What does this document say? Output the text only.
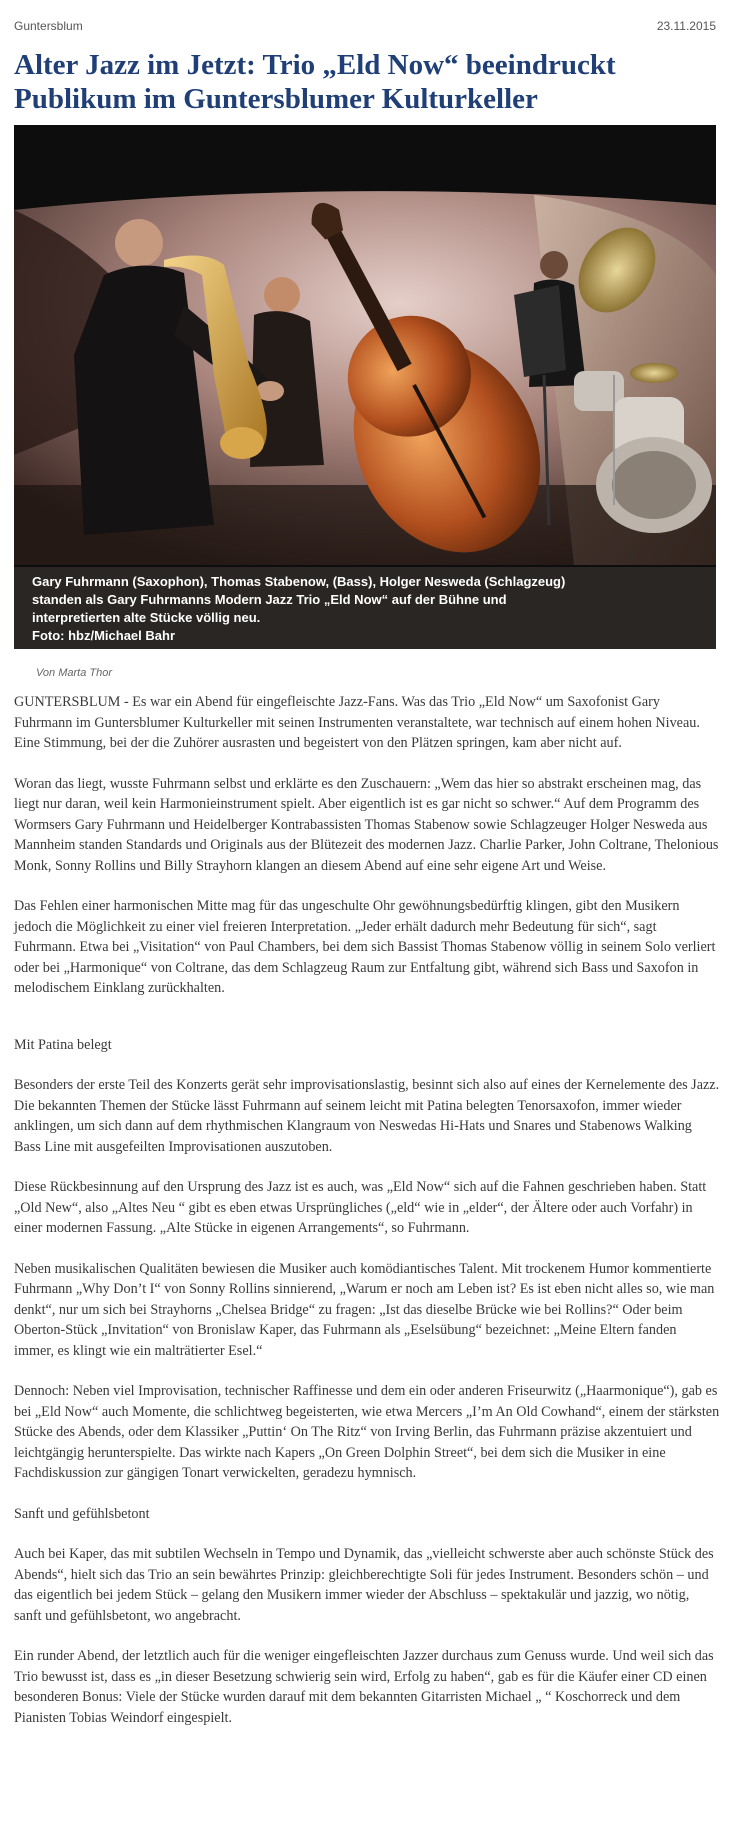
Guntersblum	23.11.2015
Alter Jazz im Jetzt: Trio „Eld Now“ beeindruckt Publikum im Guntersblumer Kulturkeller
Gary Fuhrmann (Saxophon), Thomas Stabenow, (Bass), Holger Nesweda (Schlagzeug)
standen als Gary Fuhrmanns Modern Jazz Trio „Eld Now“ auf der Bühne und
interpretierten alte Stücke völlig neu.
Foto: hbz/Michael Bahr
Von Marta Thor

GUNTERSBLUM - Es war ein Abend für eingefleischte Jazz-Fans. Was das Trio „Eld Now“ um Saxofonist Gary Fuhrmann im Guntersblumer Kulturkeller mit seinen Instrumenten veranstaltete, war technisch auf einem hohen Niveau. Eine Stimmung, bei der die Zuhörer ausrasten und begeistert von den Plätzen springen, kam aber nicht auf.

Woran das liegt, wusste Fuhrmann selbst und erklärte es den Zuschauern: „Wem das hier so abstrakt erscheinen mag, das liegt nur daran, weil kein Harmonieinstrument spielt. Aber eigentlich ist es gar nicht so schwer.“ Auf dem Programm des Wormsers Gary Fuhrmann und Heidelberger Kontrabassisten Thomas Stabenow sowie Schlagzeuger Holger Nesweda aus Mannheim standen Standards und Originals aus der Blütezeit des modernen Jazz. Charlie Parker, John Coltrane, Thelonious Monk, Sonny Rollins und Billy Strayhorn klangen an diesem Abend auf eine sehr eigene Art und Weise.

Das Fehlen einer harmonischen Mitte mag für das ungeschulte Ohr gewöhnungsbedürftig klingen, gibt den Musikern jedoch die Möglichkeit zu einer viel freieren Interpretation. „Jeder erhält dadurch mehr Bedeutung für sich“, sagt Fuhrmann. Etwa bei „Visitation“ von Paul Chambers, bei dem sich Bassist Thomas Stabenow völlig in seinem Solo verliert oder bei „Harmonique“ von Coltrane, das dem Schlagzeug Raum zur Entfaltung gibt, während sich Bass und Saxofon in melodischem Einklang zurückhalten.

Mit Patina belegt

Besonders der erste Teil des Konzerts gerät sehr improvisationslastig, besinnt sich also auf eines der Kernelemente des Jazz. Die bekannten Themen der Stücke lässt Fuhrmann auf seinem leicht mit Patina belegten Tenorsaxofon, immer wieder anklingen, um sich dann auf dem rhythmischen Klangraum von Neswedas Hi-Hats und Snares und Stabenows Walking Bass Line mit ausgefeilten Improvisationen auszutoben.

Diese Rückbesinnung auf den Ursprung des Jazz ist es auch, was „Eld Now“ sich auf die Fahnen geschrieben haben. Statt „Old New“, also „Altes Neu “ gibt es eben etwas Ursprüngliches („eld“ wie in „elder“, der Ältere oder auch Vorfahr) in einer modernen Fassung. „Alte Stücke in eigenen Arrangements“, so Fuhrmann.

Neben musikalischen Qualitäten bewiesen die Musiker auch komödiantisches Talent. Mit trockenem Humor kommentierte Fuhrmann „Why Don’t I“ von Sonny Rollins sinnierend, „Warum er noch am Leben ist? Es ist eben nicht alles so, wie man denkt“, nur um sich bei Strayhorns „Chelsea Bridge“ zu fragen: „Ist das dieselbe Brücke wie bei Rollins?“ Oder beim Oberton-Stück „Invitation“ von Bronislaw Kaper, das Fuhrmann als „Eselsübung“ bezeichnet: „Meine Eltern fanden immer, es klingt wie ein malträtierter Esel.“

Dennoch: Neben viel Improvisation, technischer Raffinesse und dem ein oder anderen Friseurwitz („Haarmonique“), gab es bei „Eld Now“ auch Momente, die schlichtweg begeisterten, wie etwa Mercers „I’m An Old Cowhand“, einem der stärksten Stücke des Abends, oder dem Klassiker „Puttin‘ On The Ritz“ von Irving Berlin, das Fuhrmann präzise akzentuiert und leichtgängig herunterspielte. Das wirkte nach Kapers „On Green Dolphin Street“, bei dem sich die Musiker in eine Fachdiskussion zur gängigen Tonart verwickelten, geradezu hymnisch.

Sanft und gefühlsbetont

Auch bei Kaper, das mit subtilen Wechseln in Tempo und Dynamik, das „vielleicht schwerste aber auch schönste Stück des Abends“, hielt sich das Trio an sein bewährtes Prinzip: gleichberechtigte Soli für jedes Instrument. Besonders schön – und das eigentlich bei jedem Stück – gelang den Musikern immer wieder der Abschluss – spektakulär und jazzig, wo nötig, sanft und gefühlsbetont, wo angebracht.

Ein runder Abend, der letztlich auch für die weniger eingefleischten Jazzer durchaus zum Genuss wurde. Und weil sich das Trio bewusst ist, dass es „in dieser Besetzung schwierig sein wird, Erfolg zu haben“, gab es für die Käufer einer CD einen besonderen Bonus: Viele der Stücke wurden darauf mit dem bekannten Gitarristen Michael „ “ Koschorreck und dem Pianisten Tobias Weindorf eingespielt.
